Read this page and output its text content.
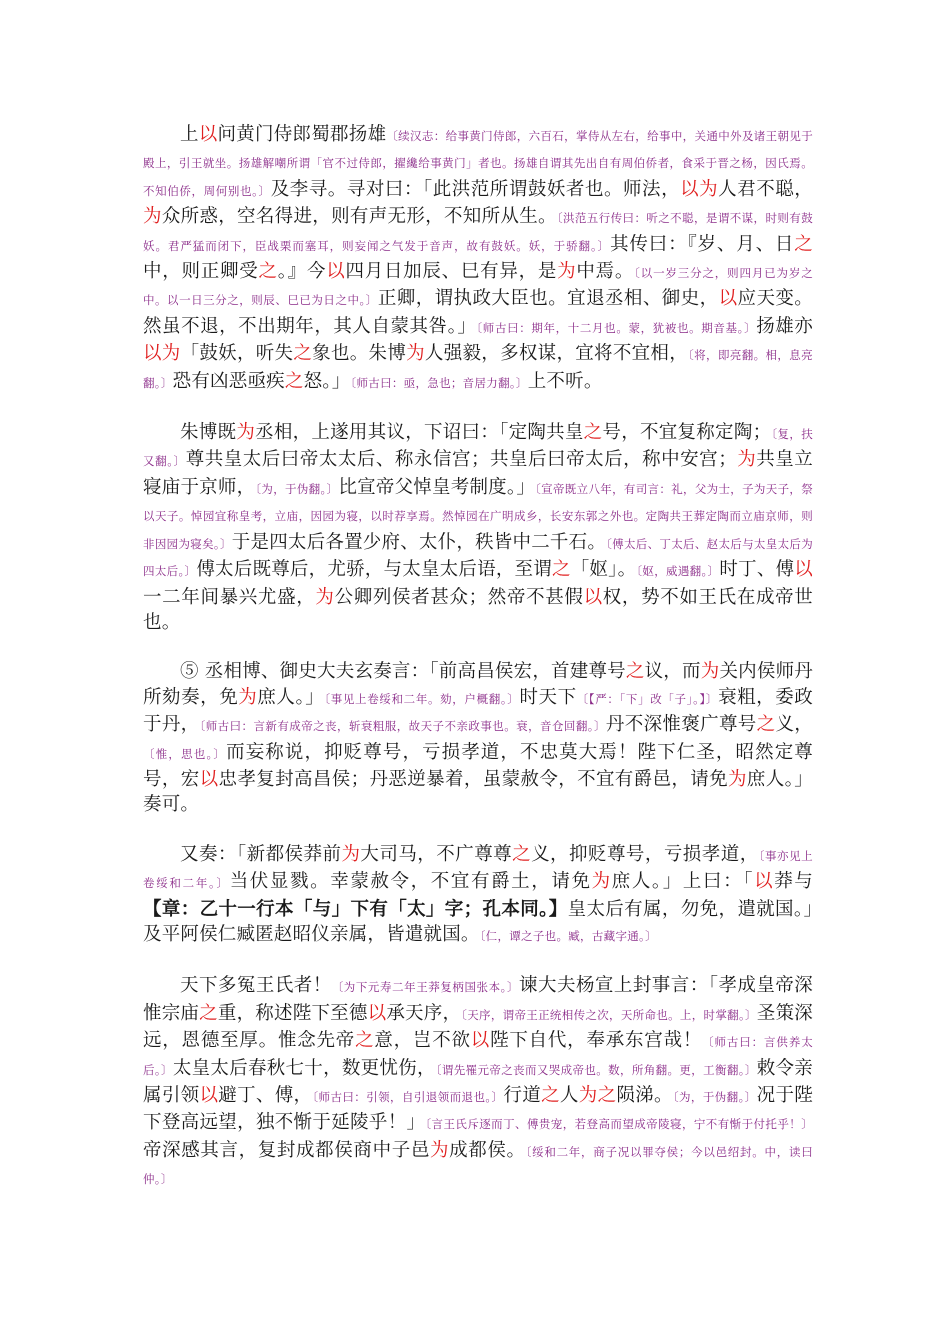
上以问黄门侍郎蜀郡扬雄〔续汉志：给事黄门侍郎，六百石，掌侍从左右，给事中，关通中外及诸王朝见于殿上，引王就坐。扬雄解嘲所谓「官不过侍郎，擢纔给事黄门」者也。扬雄自谓其先出自有周伯侨者，食采于晋之杨，因氏焉。不知伯侨，周何别也。〕及李寻。寻对曰：「此洪范所谓鼓妖者也。师法，以为人君不聪，为众所惑，空名得进，则有声无形，不知所从生。〔洪范五行传曰：听之不聪，是谓不谋，时则有鼓妖。君严猛而闭下，臣战栗而塞耳，则妄闻之气发于音声，故有鼓妖。妖，于骄翻。〕其传曰：『岁、月、日之中，则正卿受之。』今以四月日加辰、巳有异，是为中焉。〔以一岁三分之，则四月已为岁之中。以一日三分之，则辰、巳已为日之中。〕正卿，谓执政大臣也。宜退丞相、御史，以应天变。然虽不退，不出期年，其人自蒙其咎。」〔师古曰：期年，十二月也。蒙，犹被也。期音基。〕扬雄亦以为「鼓妖，听失之象也。朱博为人强毅，多权谋，宜将不宜相，〔将，即亮翻。相，息亮翻。〕恐有凶恶亟疾之怒。」〔师古曰：亟，急也；音居力翻。〕上不听。

朱博既为丞相，上遂用其议，下诏曰：「定陶共皇之号，不宜复称定陶；〔复，扶又翻。〕尊共皇太后曰帝太太后、称永信宫；共皇后曰帝太后，称中安宫；为共皇立寝庙于京师，〔为，于伪翻。〕比宣帝父悼皇考制度。」〔宣帝既立八年，有司言：礼，父为士，子为天子，祭以天子。悼园宜称皇考，立庙，因园为寝，以时荐享焉。然悼园在广明成乡，长安东郭之外也。定陶共王葬定陶而立庙京师，则非因园为寝矣。〕于是四太后各置少府、太仆，秩皆中二千石。〔傅太后、丁太后、赵太后与太皇太后为四太后。〕傅太后既尊后，尤骄，与太皇太后语，至谓之「妪」。〔妪，威遇翻。〕时丁、傅以一二年间暴兴尤盛，为公卿列侯者甚众；然帝不甚假以权，势不如王氏在成帝世也。

⑤ 丞相博、御史大夫玄奏言：「前高昌侯宏，首建尊号之议，而为关内侯师丹所劾奏，免为庶人。」〔事见上卷绥和二年。劾，户概翻。〕时天下〔【严：「下」改「子」。】〕衰粗，委政于丹，〔师古曰：言新有成帝之丧，斩衰粗服，故天子不亲政事也。衰，音仓回翻。〕丹不深惟褒广尊号之义，〔惟，思也。〕而妄称说，抑贬尊号，亏损孝道，不忠莫大焉！陛下仁圣，昭然定尊号，宏以忠孝复封高昌侯；丹恶逆暴着，虽蒙赦令，不宜有爵邑，请免为庶人。」奏可。

又奏：「新都侯莽前为大司马，不广尊尊之义，抑贬尊号，亏损孝道，〔事亦见上卷绥和二年。〕当伏显戮。幸蒙赦令，不宜有爵土，请免为庶人。」上曰：「以莽与【章：乙十一行本「与」下有「太」字；孔本同。】皇太后有属，勿免，遣就国。」及平阿侯仁臧匿赵昭仪亲属，皆遣就国。〔仁，谭之子也。臧，古藏字通。〕

天下多冤王氏者！〔为下元寿二年王莽复柄国张本。〕谏大夫杨宣上封事言：「孝成皇帝深惟宗庙之重，称述陛下至德以承天序，〔天序，谓帝王正统相传之次，天所命也。上，时掌翻。〕圣策深远，恩德至厚。惟念先帝之意，岂不欲以陛下自代，奉承东宫哉！〔师古曰：言供养太后。〕太皇太后春秋七十，数更忧伤，〔谓先罹元帝之丧而又哭成帝也。数，所角翻。更，工衡翻。〕敕令亲属引领以避丁、傅，〔师古曰：引领，自引退领而退也。〕行道之人为之陨涕。〔为，于伪翻。〕况于陛下登高远望，独不惭于延陵乎！」〔言王氏斥逐而丁、傅贵宠，若登高而望成帝陵寝，宁不有惭于付托乎！〕帝深感其言，复封成都侯商中子邑为成都侯。〔绥和二年，商子况以罪夺侯；今以邑绍封。中，读曰仲。〕
